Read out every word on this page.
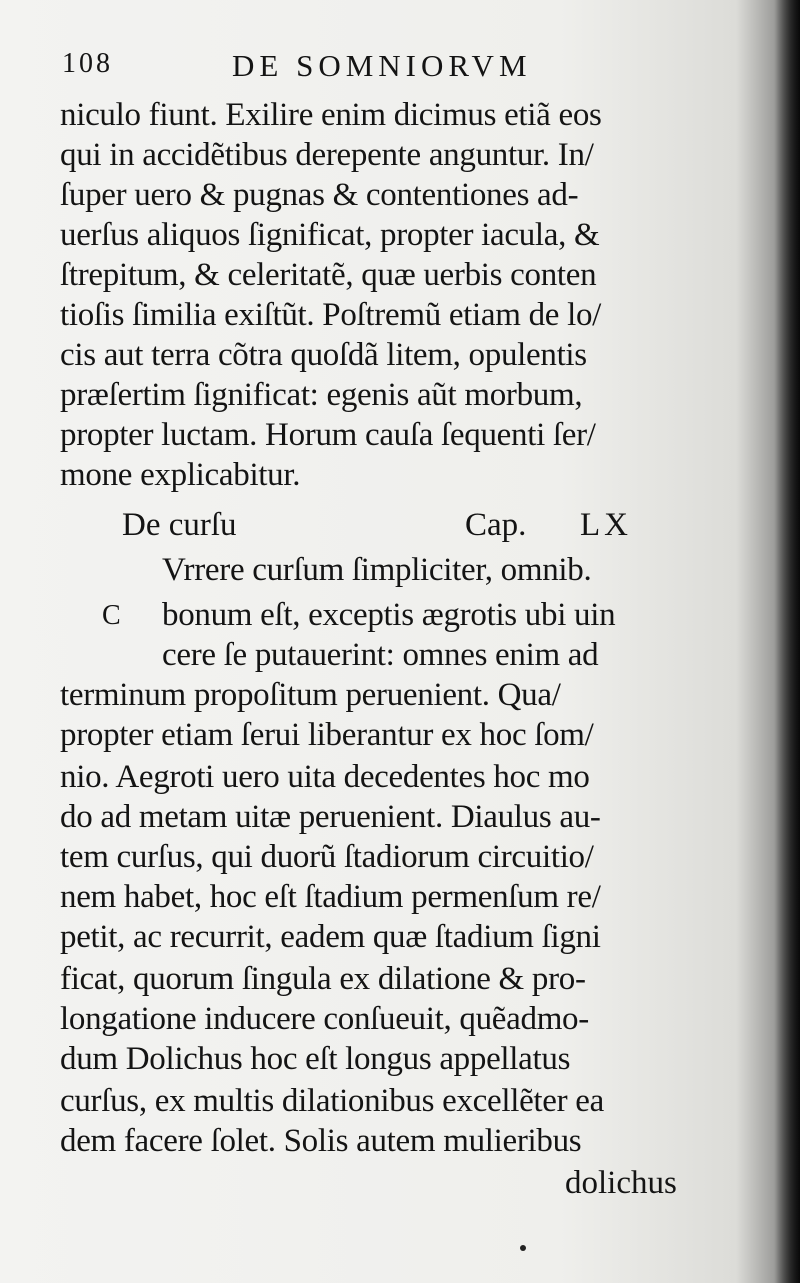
108	DE SOMNIORVM
niculo fiunt. Exilire enim dicimus etiã eos
qui in accidẽtibus derepente anguntur. In/
ſuper uero & pugnas & contentiones ad-
uerſus aliquos ſignificat, propter iacula, &
ſtrepitum, & celeritatẽ, quæ uerbis conten
tioſis ſimilia exiſtũt. Poſtremũ etiam de lo/
cis aut terra cõtra quoſdã litem, opulentis
præſertim ſignificat: egenis aũt morbum,
propter luctam. Horum cauſa ſequenti ſer/
mone explicabitur.
De curſu	Cap. LX
C
Vrrere curſum ſimpliciter, omnib.
bonum eſt, exceptis ægrotis ubi uin
cere ſe putauerint: omnes enim ad
terminum propoſitum peruenient. Qua/
propter etiam ſerui liberantur ex hoc ſom/
nio. Aegroti uero uita decedentes hoc mo
do ad metam uitæ peruenient. Diaulus au-
tem curſus, qui duorũ ſtadiorum circuitio/
nem habet, hoc eſt ſtadium permenſum re/
petit, ac recurrit, eadem quæ ſtadium ſigni
ficat, quorum ſingula ex dilatione & pro-
longatione inducere conſueuit, quẽadmo-
dum Dolichus hoc eſt longus appellatus
curſus, ex multis dilationibus excellẽter ea
dem facere ſolet. Solis autem mulieribus
dolichus
